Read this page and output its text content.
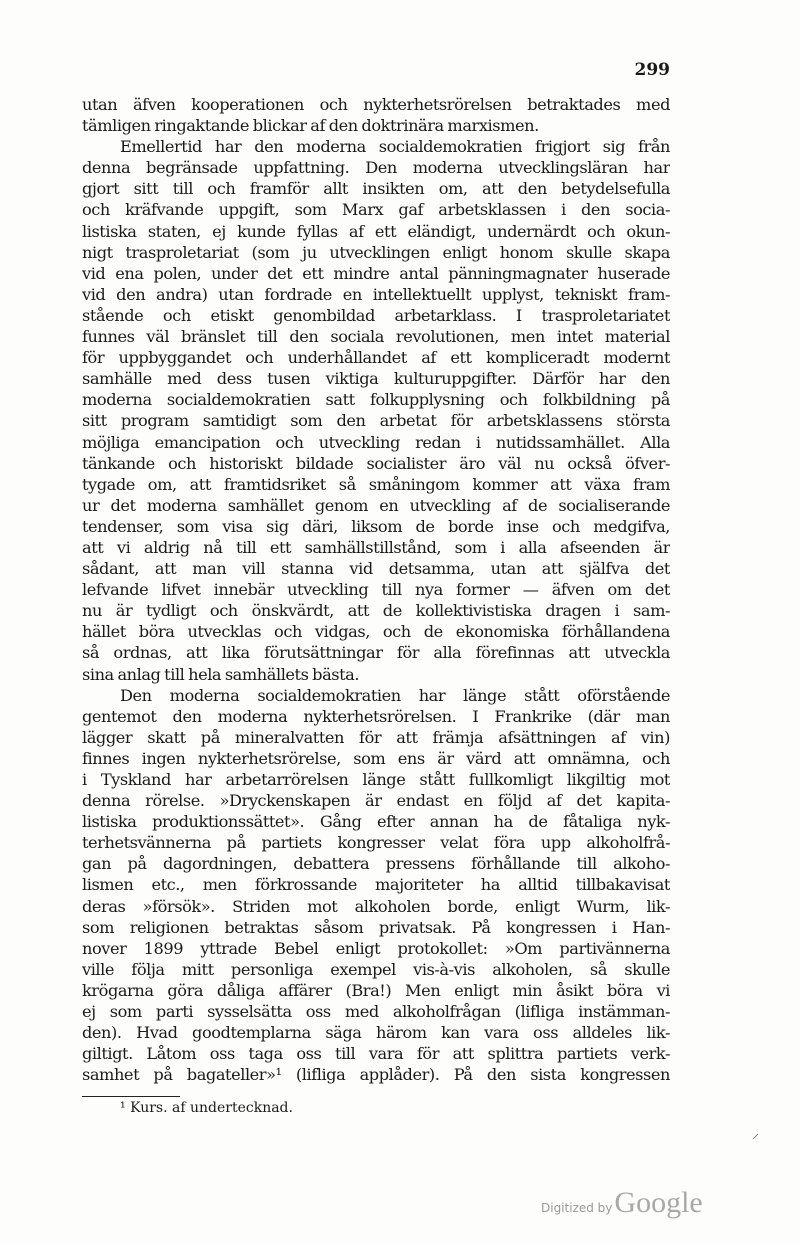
299
utan äfven kooperationen och nykterhetsrörelsen betraktades med
tämligen ringaktande blickar af den doktrinära marxismen.
Emellertid har den moderna socialdemokratien frigjort sig från
denna begränsade uppfattning. Den moderna utvecklingsläran har
gjort sitt till och framför allt insikten om, att den betydelsefulla
och kräfvande uppgift, som Marx gaf arbetsklassen i den socia-
listiska staten, ej kunde fyllas af ett eländigt, undernärdt och okun-
nigt trasproletariat (som ju utvecklingen enligt honom skulle skapa
vid ena polen, under det ett mindre antal pänningmagnater huserade
vid den andra) utan fordrade en intellektuellt upplyst, tekniskt fram-
stående och etiskt genombildad arbetarklass. I trasproletariatet
funnes väl bränslet till den sociala revolutionen, men intet material
för uppbyggandet och underhållandet af ett kompliceradt modernt
samhälle med dess tusen viktiga kulturuppgifter. Därför har den
moderna socialdemokratien satt folkupplysning och folkbildning på
sitt program samtidigt som den arbetat för arbetsklassens största
möjliga emancipation och utveckling redan i nutidssamhället. Alla
tänkande och historiskt bildade socialister äro väl nu också öfver-
tygade om, att framtidsriket så småningom kommer att växa fram
ur det moderna samhället genom en utveckling af de socialiserande
tendenser, som visa sig däri, liksom de borde inse och medgifva,
att vi aldrig nå till ett samhällstillstånd, som i alla afseenden är
sådant, att man vill stanna vid detsamma, utan att själfva det
lefvande lifvet innebär utveckling till nya former — äfven om det
nu är tydligt och önskvärdt, att de kollektivistiska dragen i sam-
hället böra utvecklas och vidgas, och de ekonomiska förhållandena
så ordnas, att lika förutsättningar för alla förefinnas att utveckla
sina anlag till hela samhällets bästa.
Den moderna socialdemokratien har länge stått oförstående
gentemot den moderna nykterhetsrörelsen. I Frankrike (där man
lägger skatt på mineralvatten för att främja afsättningen af vin)
finnes ingen nykterhetsrörelse, som ens är värd att omnämna, och
i Tyskland har arbetarrörelsen länge stått fullkomligt likgiltig mot
denna rörelse. »Dryckenskapen är endast en följd af det kapita-
listiska produktionssättet». Gång efter annan ha de fåtaliga nyk-
terhetsvännerna på partiets kongresser velat föra upp alkoholfrå-
gan på dagordningen, debattera pressens förhållande till alkoho-
lismen etc., men förkrossande majoriteter ha alltid tillbakavisat
deras »försök». Striden mot alkoholen borde, enligt Wurm, lik-
som religionen betraktas såsom privatsak. På kongressen i Han-
nover 1899 yttrade Bebel enligt protokollet: »Om partivännerna
ville följa mitt personliga exempel vis-à-vis alkoholen, så skulle
krögarna göra dåliga affärer (Bra!) Men enligt min åsikt böra vi
ej som parti sysselsätta oss med alkoholfrågan (lifliga instämman-
den). Hvad goodtemplarna säga härom kan vara oss alldeles lik-
giltigt. Låtom oss taga oss till vara för att splittra partiets verk-
samhet på bagateller»¹ (lifliga applåder). På den sista kongressen
¹ Kurs. af undertecknad.
⸝
Digitized by Google
